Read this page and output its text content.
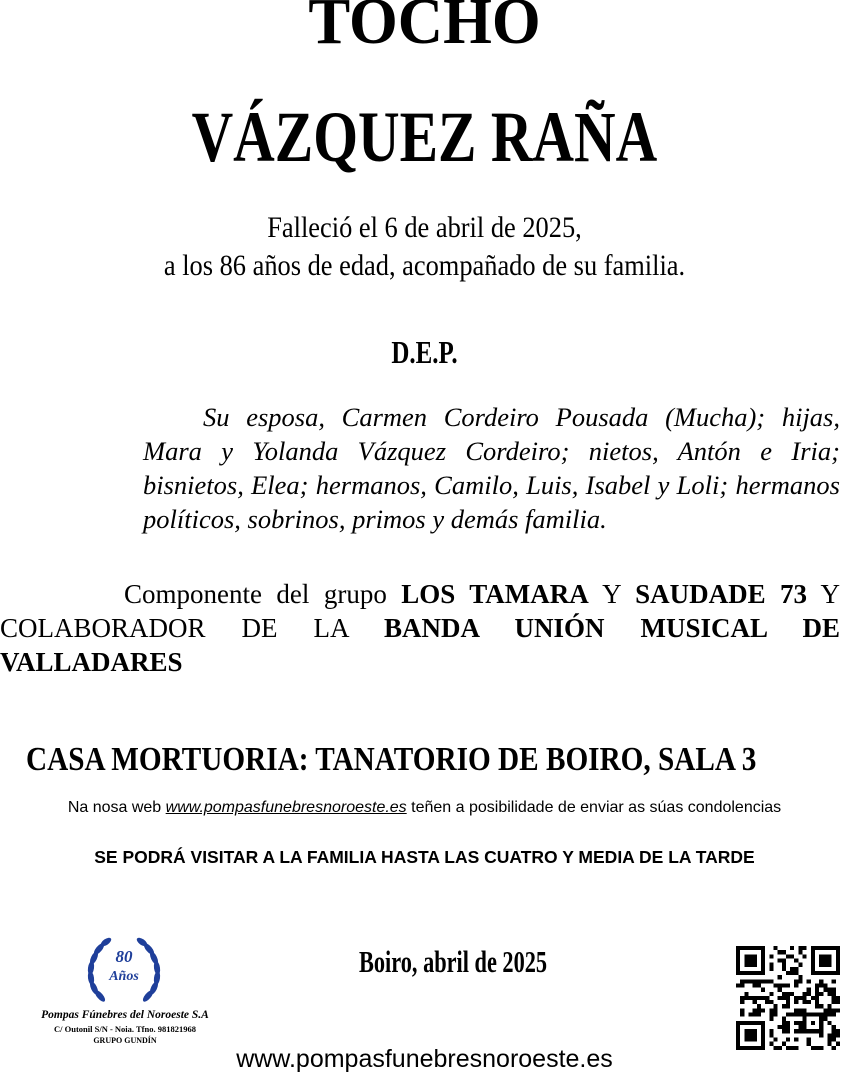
TOCHO
VÁZQUEZ RAÑA
Falleció el 6 de abril de 2025,
a los 86 años de edad, acompañado de su familia.
D.E.P.
Su esposa, Carmen Cordeiro Pousada (Mucha); hijas, Mara y Yolanda Vázquez Cordeiro; nietos, Antón e Iria; bisnietos, Elea; hermanos, Camilo, Luis, Isabel y Loli; hermanos políticos, sobrinos, primos y demás familia.
Componente del grupo LOS TAMARA Y SAUDADE 73 Y COLABORADOR DE LA BANDA UNIÓN MUSICAL DE VALLADARES
CASA MORTUORIA: TANATORIO DE BOIRO, SALA 3
Na nosa web www.pompasfunebresnoroeste.es teñen a posibilidade de enviar as súas condolencias
SE PODRÁ VISITAR A LA FAMILIA HASTA LAS CUATRO Y MEDIA DE LA TARDE
Boiro, abril de 2025
80
Años
Pompas Fúnebres del Noroeste S.A
C/ Outonil S/N - Noia. Tfno. 981821968
GRUPO GUNDÍN
www.pompasfunebresnoroeste.es
